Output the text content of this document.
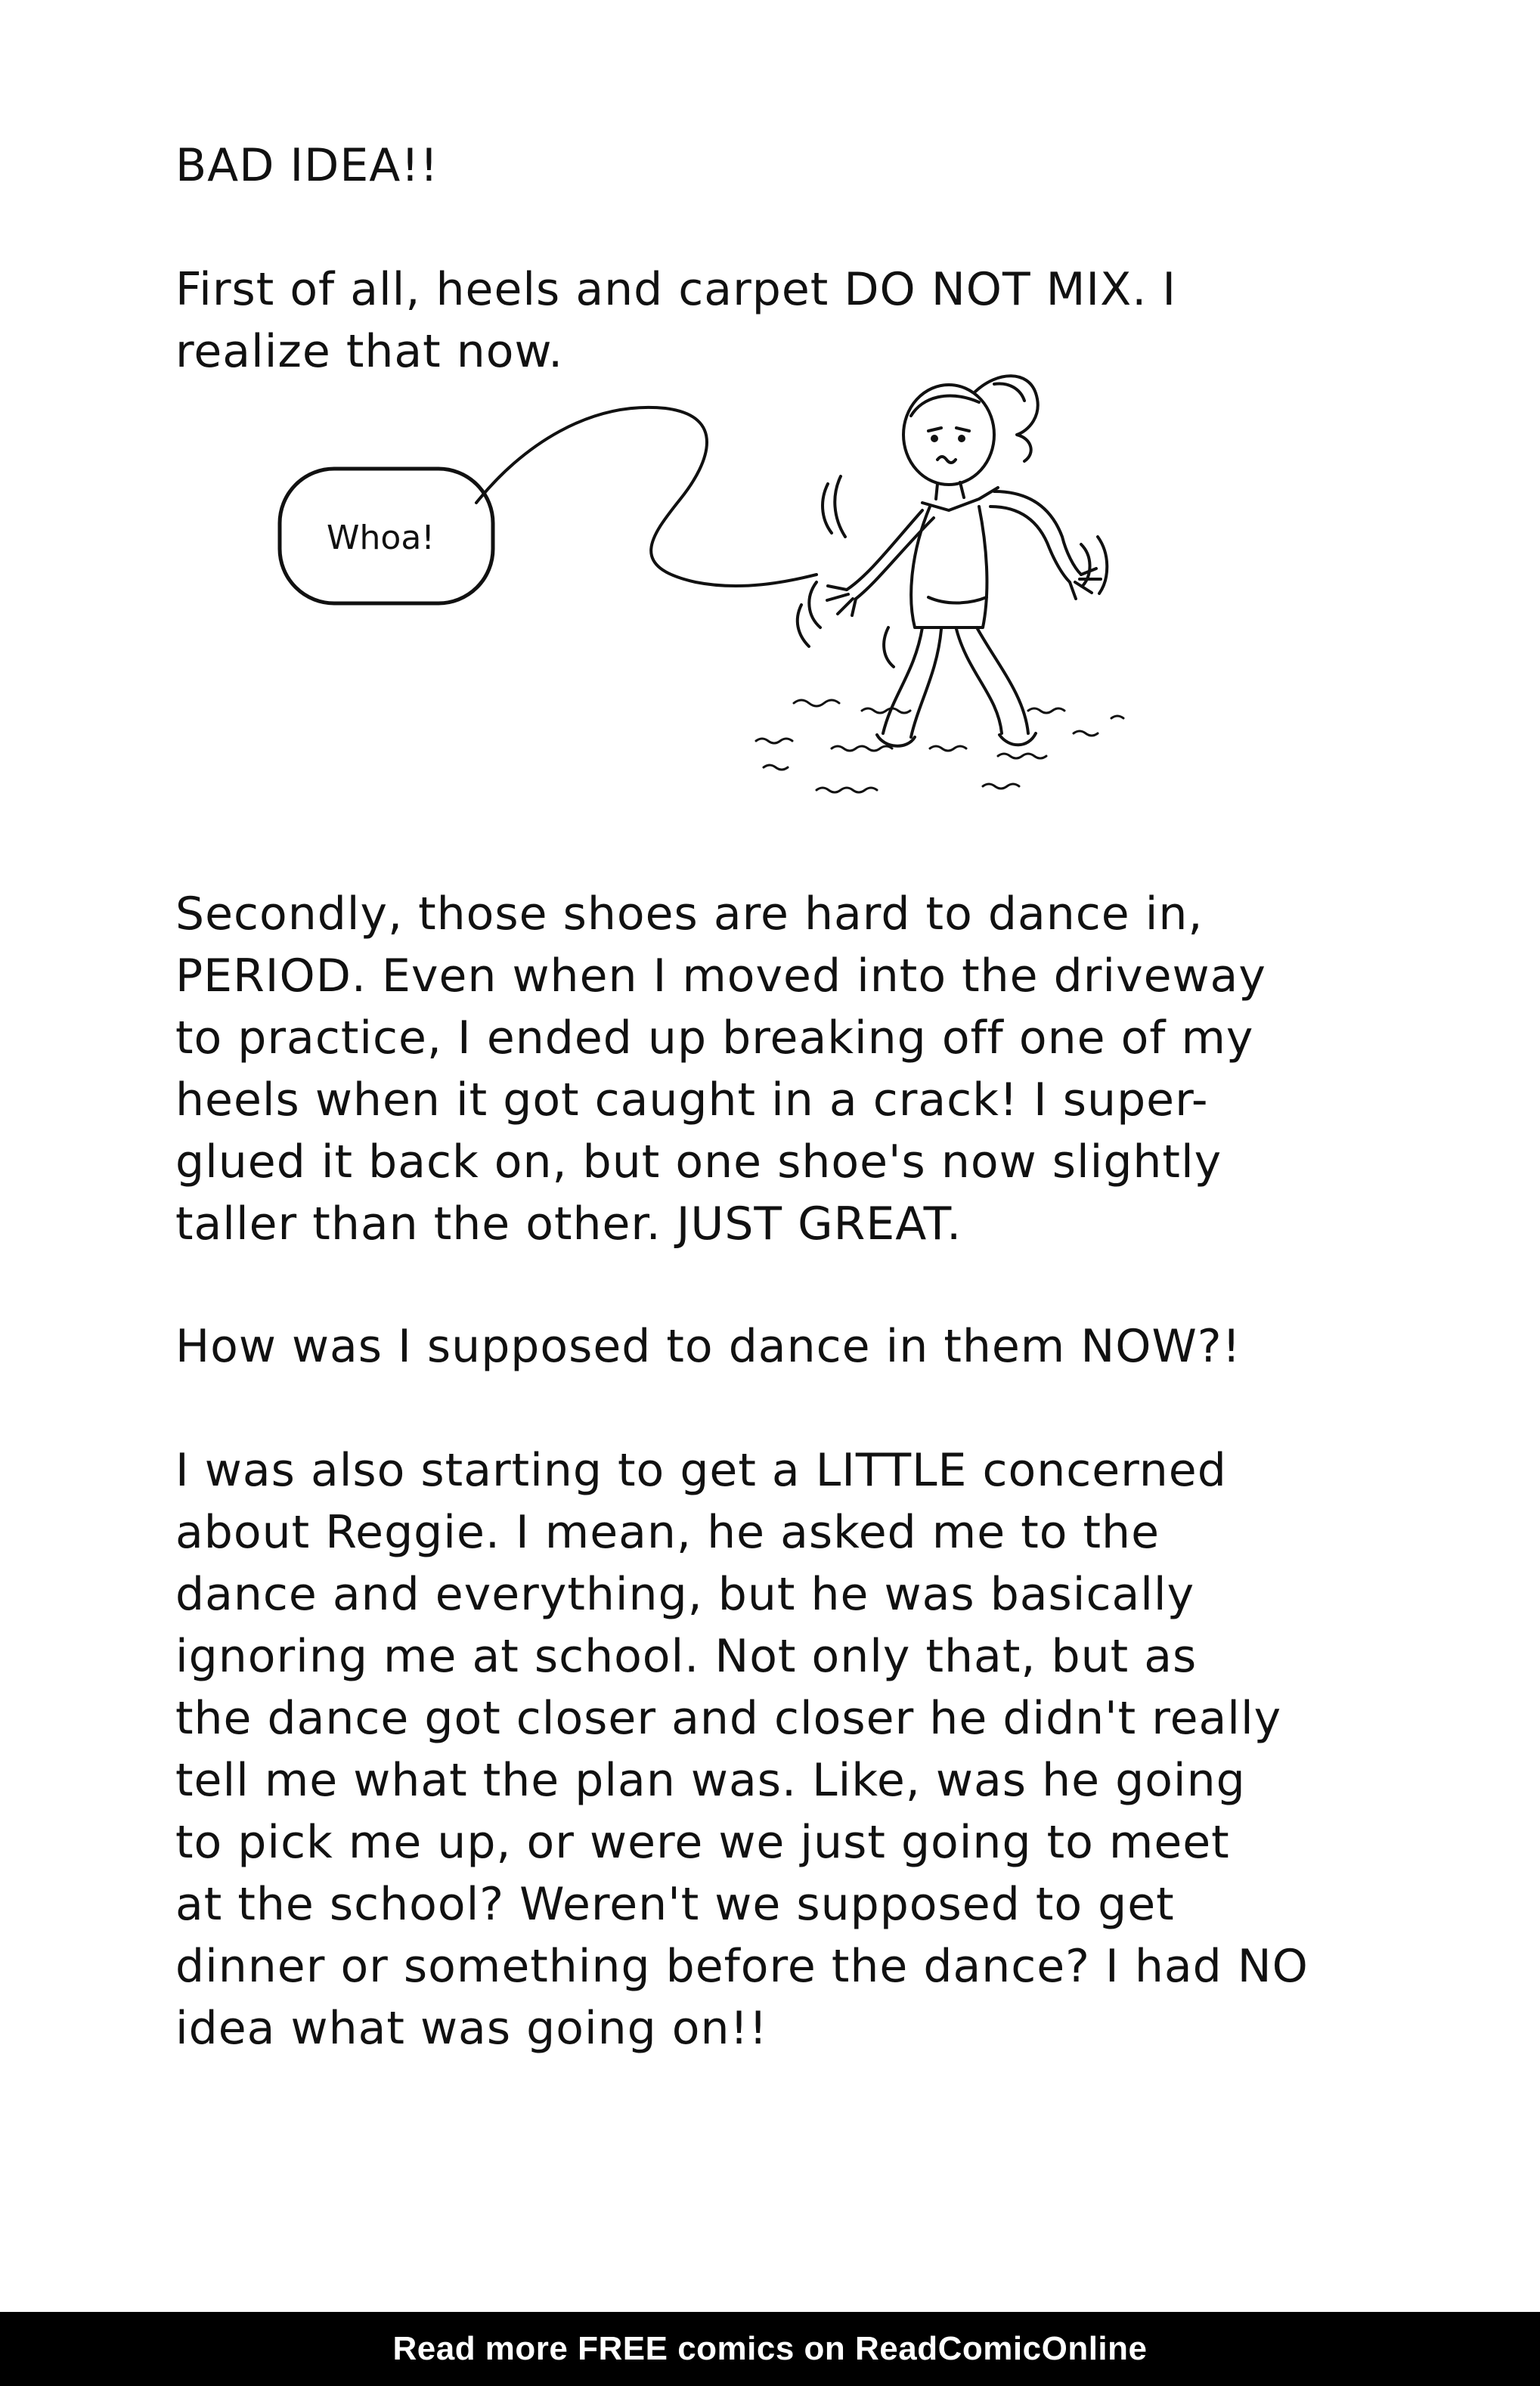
BAD IDEA!!

First of all, heels and carpet DO NOT MIX. I
realize that now.

Whoa!

Secondly, those shoes are hard to dance in,
PERIOD. Even when I moved into the driveway
to practice, I ended up breaking off one of my
heels when it got caught in a crack! I super-
glued it back on, but one shoe's now slightly
taller than the other. JUST GREAT.

How was I supposed to dance in them NOW?!

I was also starting to get a LITTLE concerned
about Reggie. I mean, he asked me to the
dance and everything, but he was basically
ignoring me at school. Not only that, but as
the dance got closer and closer he didn't really
tell me what the plan was. Like, was he going
to pick me up, or were we just going to meet
at the school? Weren't we supposed to get
dinner or something before the dance? I had NO
idea what was going on!!

Read more FREE comics on ReadComicOnline
